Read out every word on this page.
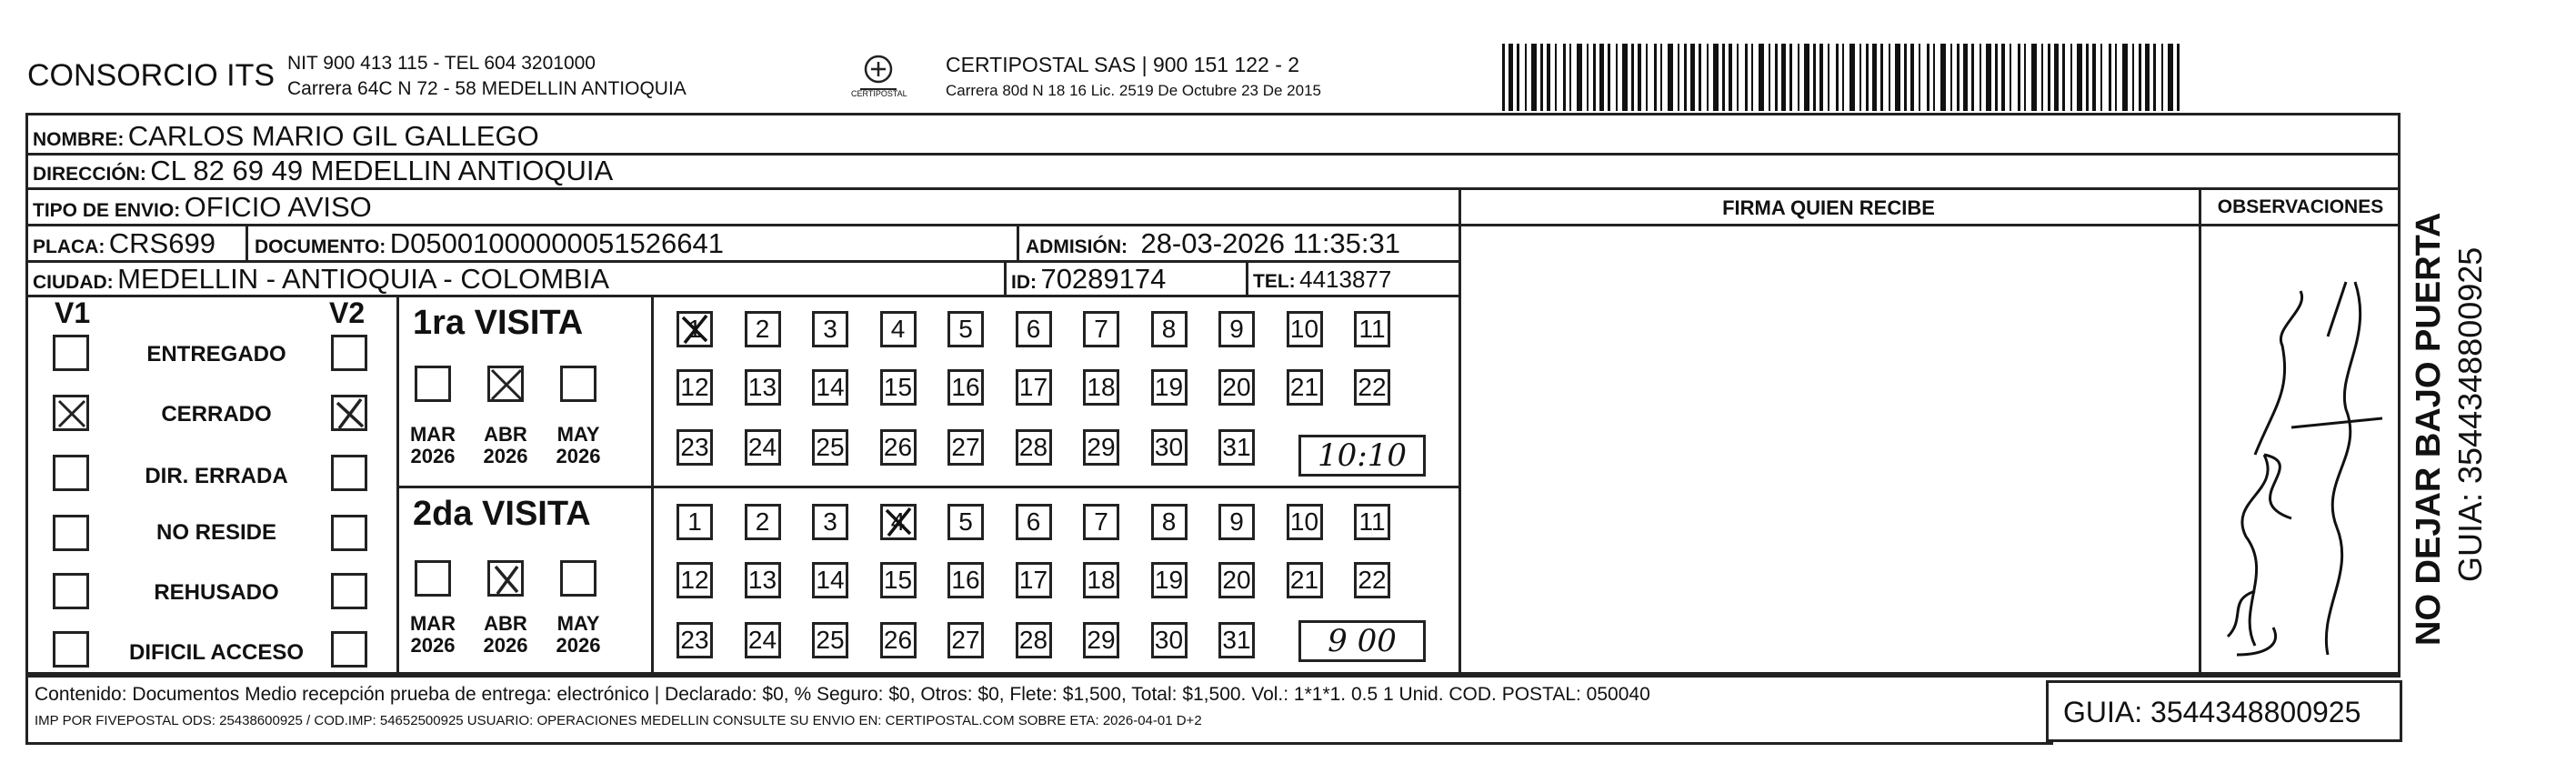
CONSORCIO ITS NIT 900 413 115 - TEL 604 3201000
Carrera 64C N 72 - 58 MEDELLIN ANTIOQUIA	CERTIPOSTAL
CERTIPOSTAL SAS | 900 151 122 - 2
Carrera 80d N 18 16 Lic. 2519 De Octubre 23 De 2015
NOMBRE: CARLOS MARIO GIL GALLEGO
DIRECCIÓN: CL 82 69 49 MEDELLIN ANTIOQUIA
TIPO DE ENVIO: OFICIO AVISO
PLACA: CRS699 DOCUMENTO: D05001000000051526641	ADMISIÓN: 28-03-2026 11:35:31
CIUDAD: MEDELLIN - ANTIOQUIA - COLOMBIA	ID: 70289174	TEL: 4413877
FIRMA QUIEN RECIBE	OBSERVACIONES
V1	V2
ENTREGADO
CERRADO
DIR. ERRADA
NO RESIDE
REHUSADO
DIFICIL ACCESO
1ra VISITA
MAR
2026
ABR
2026
MAY
2026
1	2	3	4	5	6	7	8	9	10 11
12 13 14 15 16 17 18 19 20 21 22
23 24 25 26 27 28 29 30 31	10:10
2da VISITA
MAR
2026
ABR
2026
MAY
2026
1	2	3	4	5	6	7	8	9	10 11
12 13 14 15 16 17 18 19 20 21 22
23 24 25 26 27 28 29 30 31	9 00
Contenido: Documentos Medio recepción prueba de entrega: electrónico | Declarado: $0, % Seguro: $0, Otros: $0, Flete: $1,500, Total: $1,500. Vol.: 1*1*1. 0.5 1 Unid. COD. POSTAL: 050040
IMP POR FIVEPOSTAL ODS: 25438600925 / COD.IMP: 54652500925 USUARIO: OPERACIONES MEDELLIN CONSULTE SU ENVIO EN: CERTIPOSTAL.COM SOBRE ETA: 2026-04-01 D+2	GUIA: 3544348800925
NO DEJAR BAJO PUERTA GUIA: 3544348800925
